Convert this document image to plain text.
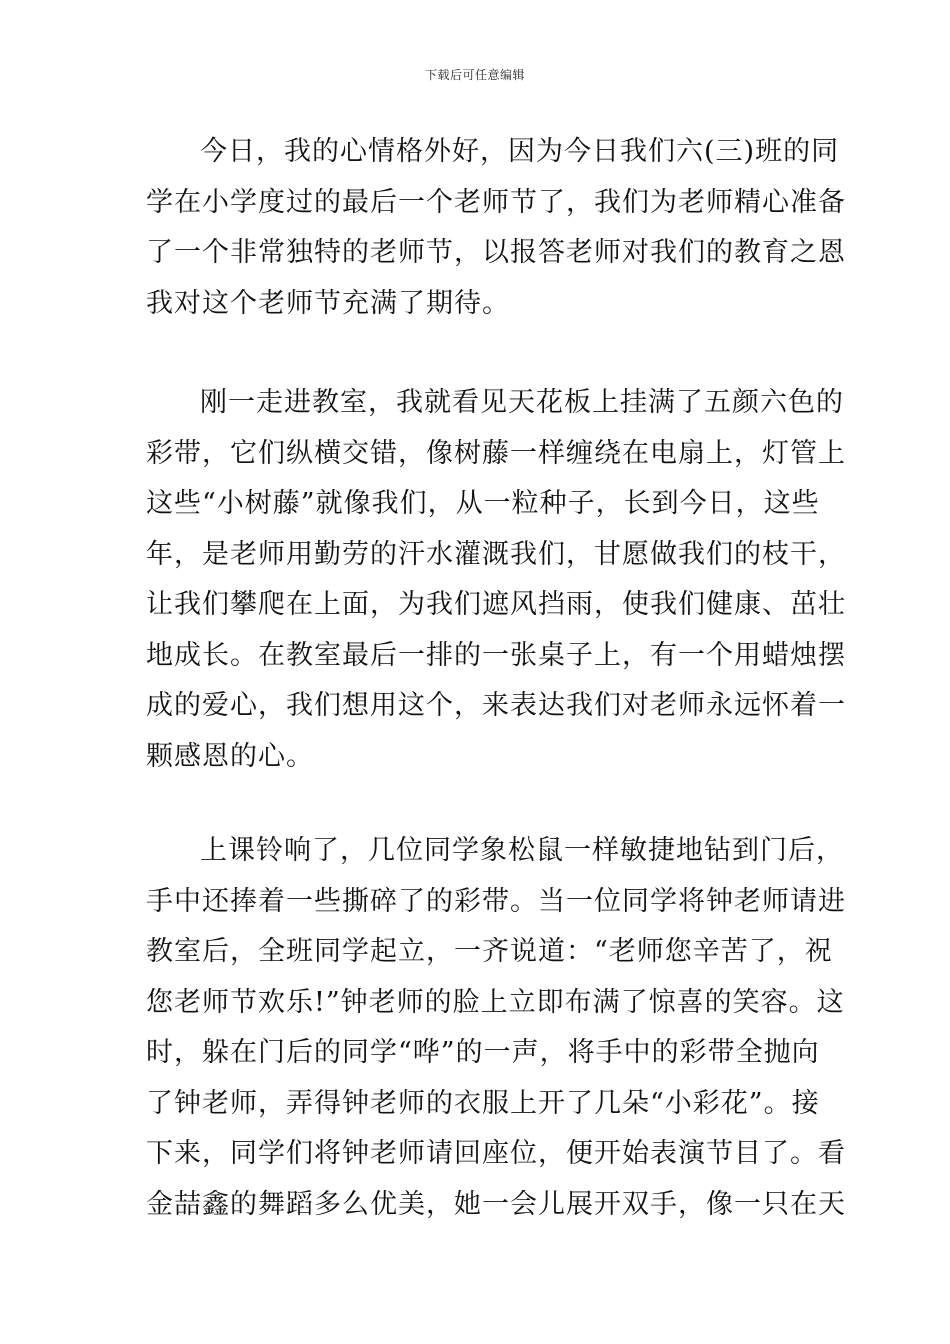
下载后可任意编辑
今日，我的心情格外好，因为今日我们六(三)班的同
学在小学度过的最后一个老师节了，我们为老师精心准备
了一个非常独特的老师节，以报答老师对我们的教育之恩
我对这个老师节充满了期待。
刚一走进教室，我就看见天花板上挂满了五颜六色的
彩带，它们纵横交错，像树藤一样缠绕在电扇上，灯管上
这些“小树藤”就像我们，从一粒种子，长到今日，这些
年，是老师用勤劳的汗水灌溉我们，甘愿做我们的枝干，
让我们攀爬在上面，为我们遮风挡雨，使我们健康、茁壮
地成长。在教室最后一排的一张桌子上，有一个用蜡烛摆
成的爱心，我们想用这个，来表达我们对老师永远怀着一
颗感恩的心。
上课铃响了，几位同学象松鼠一样敏捷地钻到门后，
手中还捧着一些撕碎了的彩带。当一位同学将钟老师请进
教室后，全班同学起立，一齐说道：“老师您辛苦了，祝
您老师节欢乐!”钟老师的脸上立即布满了惊喜的笑容。这
时，躲在门后的同学“哗”的一声，将手中的彩带全抛向
了钟老师，弄得钟老师的衣服上开了几朵“小彩花”。接
下来，同学们将钟老师请回座位，便开始表演节目了。看
金喆鑫的舞蹈多么优美，她一会儿展开双手，像一只在天
